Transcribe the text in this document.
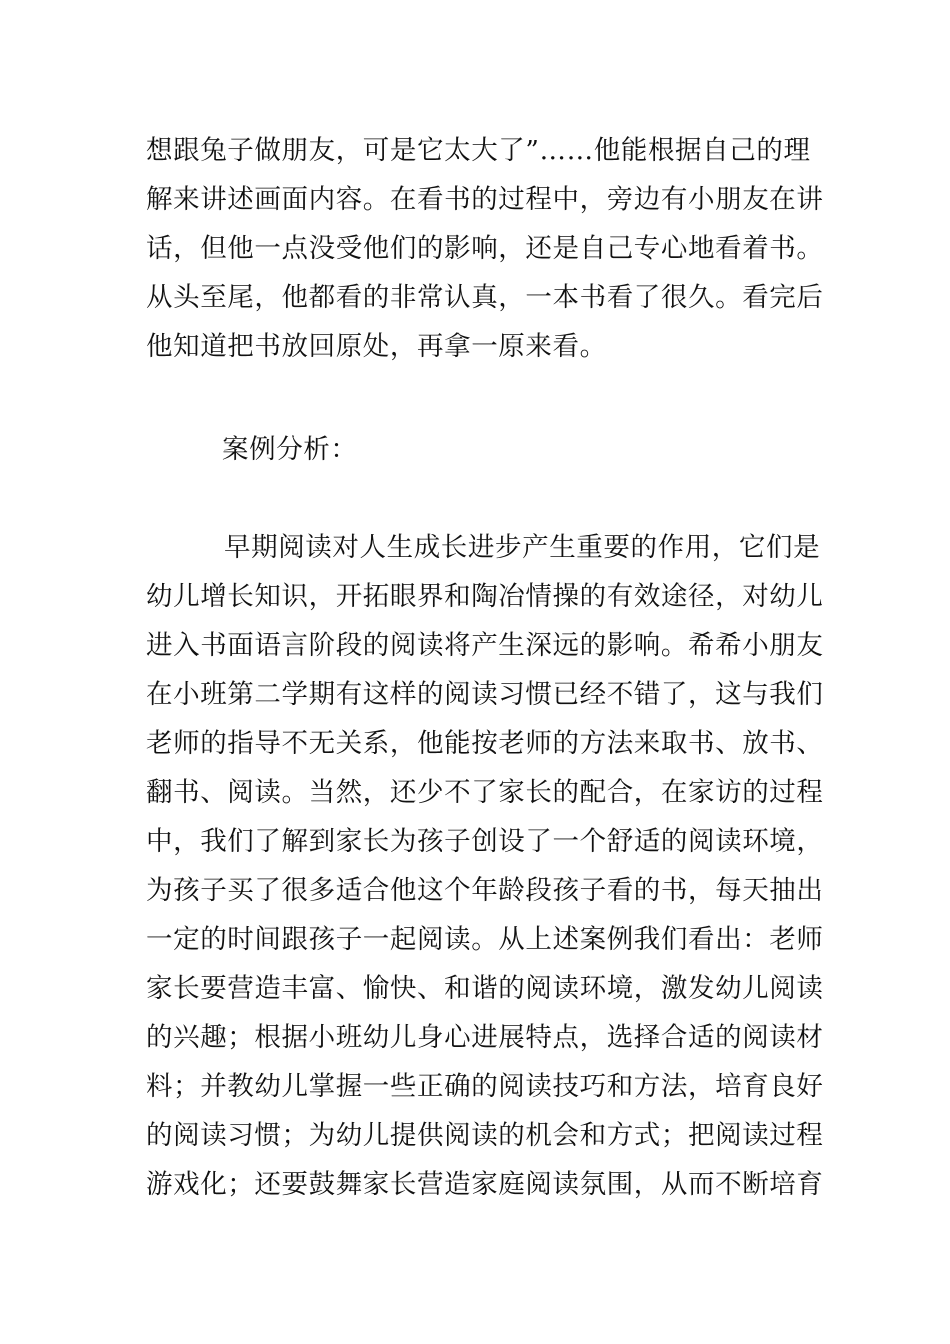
想跟兔子做朋友，可是它太大了”……他能根据自己的理
解来讲述画面内容。在看书的过程中，旁边有小朋友在讲
话，但他一点没受他们的影响，还是自己专心地看着书。
从头至尾，他都看的非常认真，一本书看了很久。看完后
他知道把书放回原处，再拿一原来看。
案例分析：
早期阅读对人生成长进步产生重要的作用，它们是
幼儿增长知识，开拓眼界和陶冶情操的有效途径，对幼儿
进入书面语言阶段的阅读将产生深远的影响。希希小朋友
在小班第二学期有这样的阅读习惯已经不错了，这与我们
老师的指导不无关系，他能按老师的方法来取书、放书、
翻书、阅读。当然，还少不了家长的配合，在家访的过程
中，我们了解到家长为孩子创设了一个舒适的阅读环境，
为孩子买了很多适合他这个年龄段孩子看的书，每天抽出
一定的时间跟孩子一起阅读。从上述案例我们看出：老师
家长要营造丰富、愉快、和谐的阅读环境，激发幼儿阅读
的兴趣；根据小班幼儿身心进展特点，选择合适的阅读材
料；并教幼儿掌握一些正确的阅读技巧和方法，培育良好
的阅读习惯；为幼儿提供阅读的机会和方式；把阅读过程
游戏化；还要鼓舞家长营造家庭阅读氛围，从而不断培育
